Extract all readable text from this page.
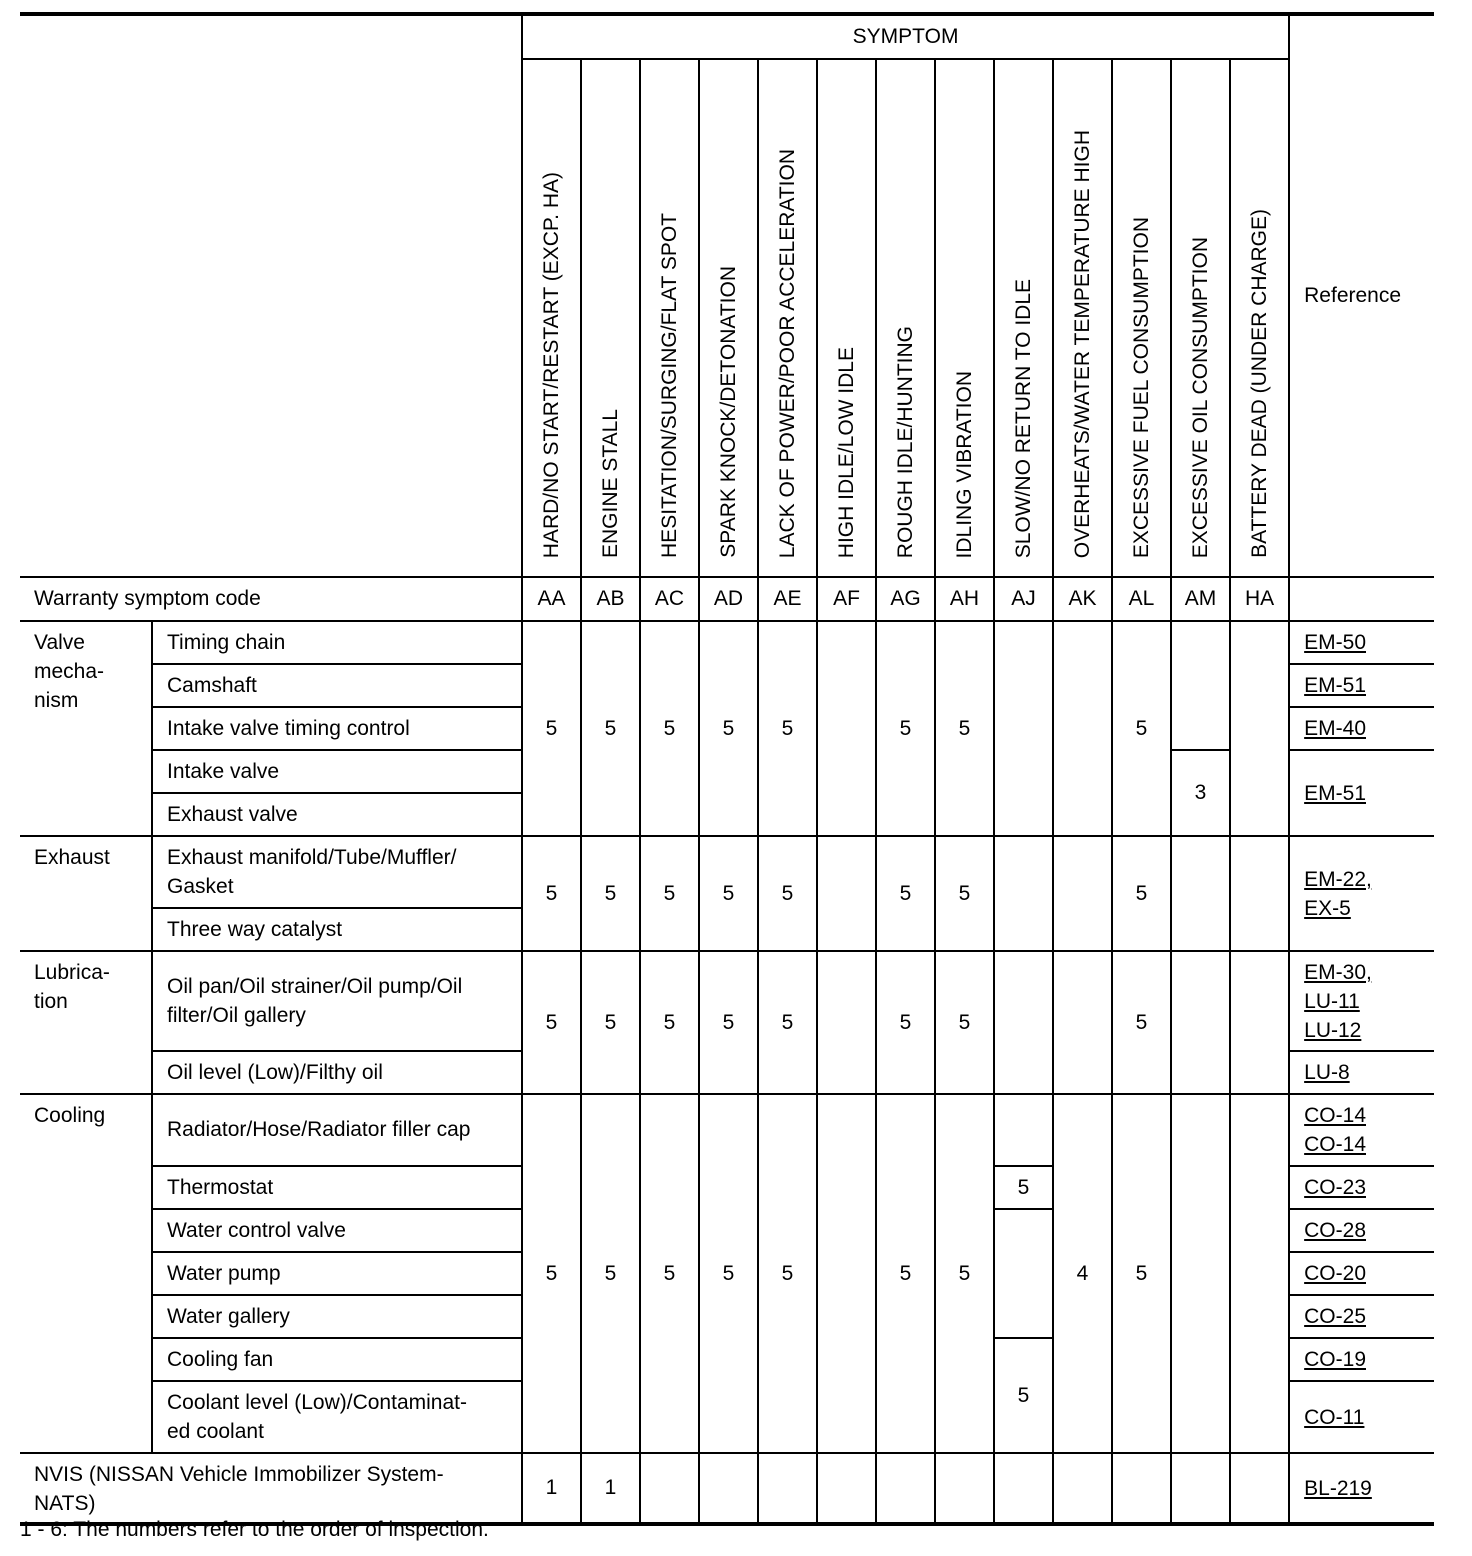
		SYMPTOM													Reference
		HARD/NO START/RESTART (EXCP. HA)	ENGINE STALL	HESITATION/SURGING/FLAT SPOT	SPARK KNOCK/DETONATION	LACK OF POWER/POOR ACCELERATION	HIGH IDLE/LOW IDLE	ROUGH IDLE/HUNTING	IDLING VIBRATION	SLOW/NO RETURN TO IDLE	OVERHEATS/WATER TEMPERATURE HIGH	EXCESSIVE FUEL CONSUMPTION	EXCESSIVE OIL CONSUMPTION	BATTERY DEAD (UNDER CHARGE)	
Warranty symptom code		AA	AB	AC	AD	AE	AF	AG	AH	AJ	AK	AL	AM	HA	
Valve mecha-
nism	Timing chain	5	5	5	5	5		5	5			5			EM-50

	Camshaft														EM-51

	Intake valve timing control														EM-40

	Intake valve												3		EM-51

	Exhaust valve														
Exhaust	Exhaust manifold/Tube/Muffler/ Gasket	5	5	5	5	5		5	5			5			EM-22,
EX-5

	Three way catalyst														
Lubrica-
tion	Oil pan/Oil strainer/Oil pump/Oil filter/Oil gallery	5	5	5	5	5		5	5			5			EM-30,
LU-11
LU-12

	Oil level (Low)/Filthy oil														LU-8

Cooling	Radiator/Hose/Radiator filler cap	5	5	5	5	5		5	5		4	5			CO-14
CO-14

	Thermostat									5					CO-23

	Water control valve														CO-28

	Water pump														CO-20

	Water gallery														CO-25

	Cooling fan									5					CO-19

	Coolant level (Low)/Contaminat-
ed coolant														CO-11

NVIS (NISSAN Vehicle Immobilizer System-
NATS)		1	1												BL-219
1 - 6: The numbers refer to the order of inspection.
